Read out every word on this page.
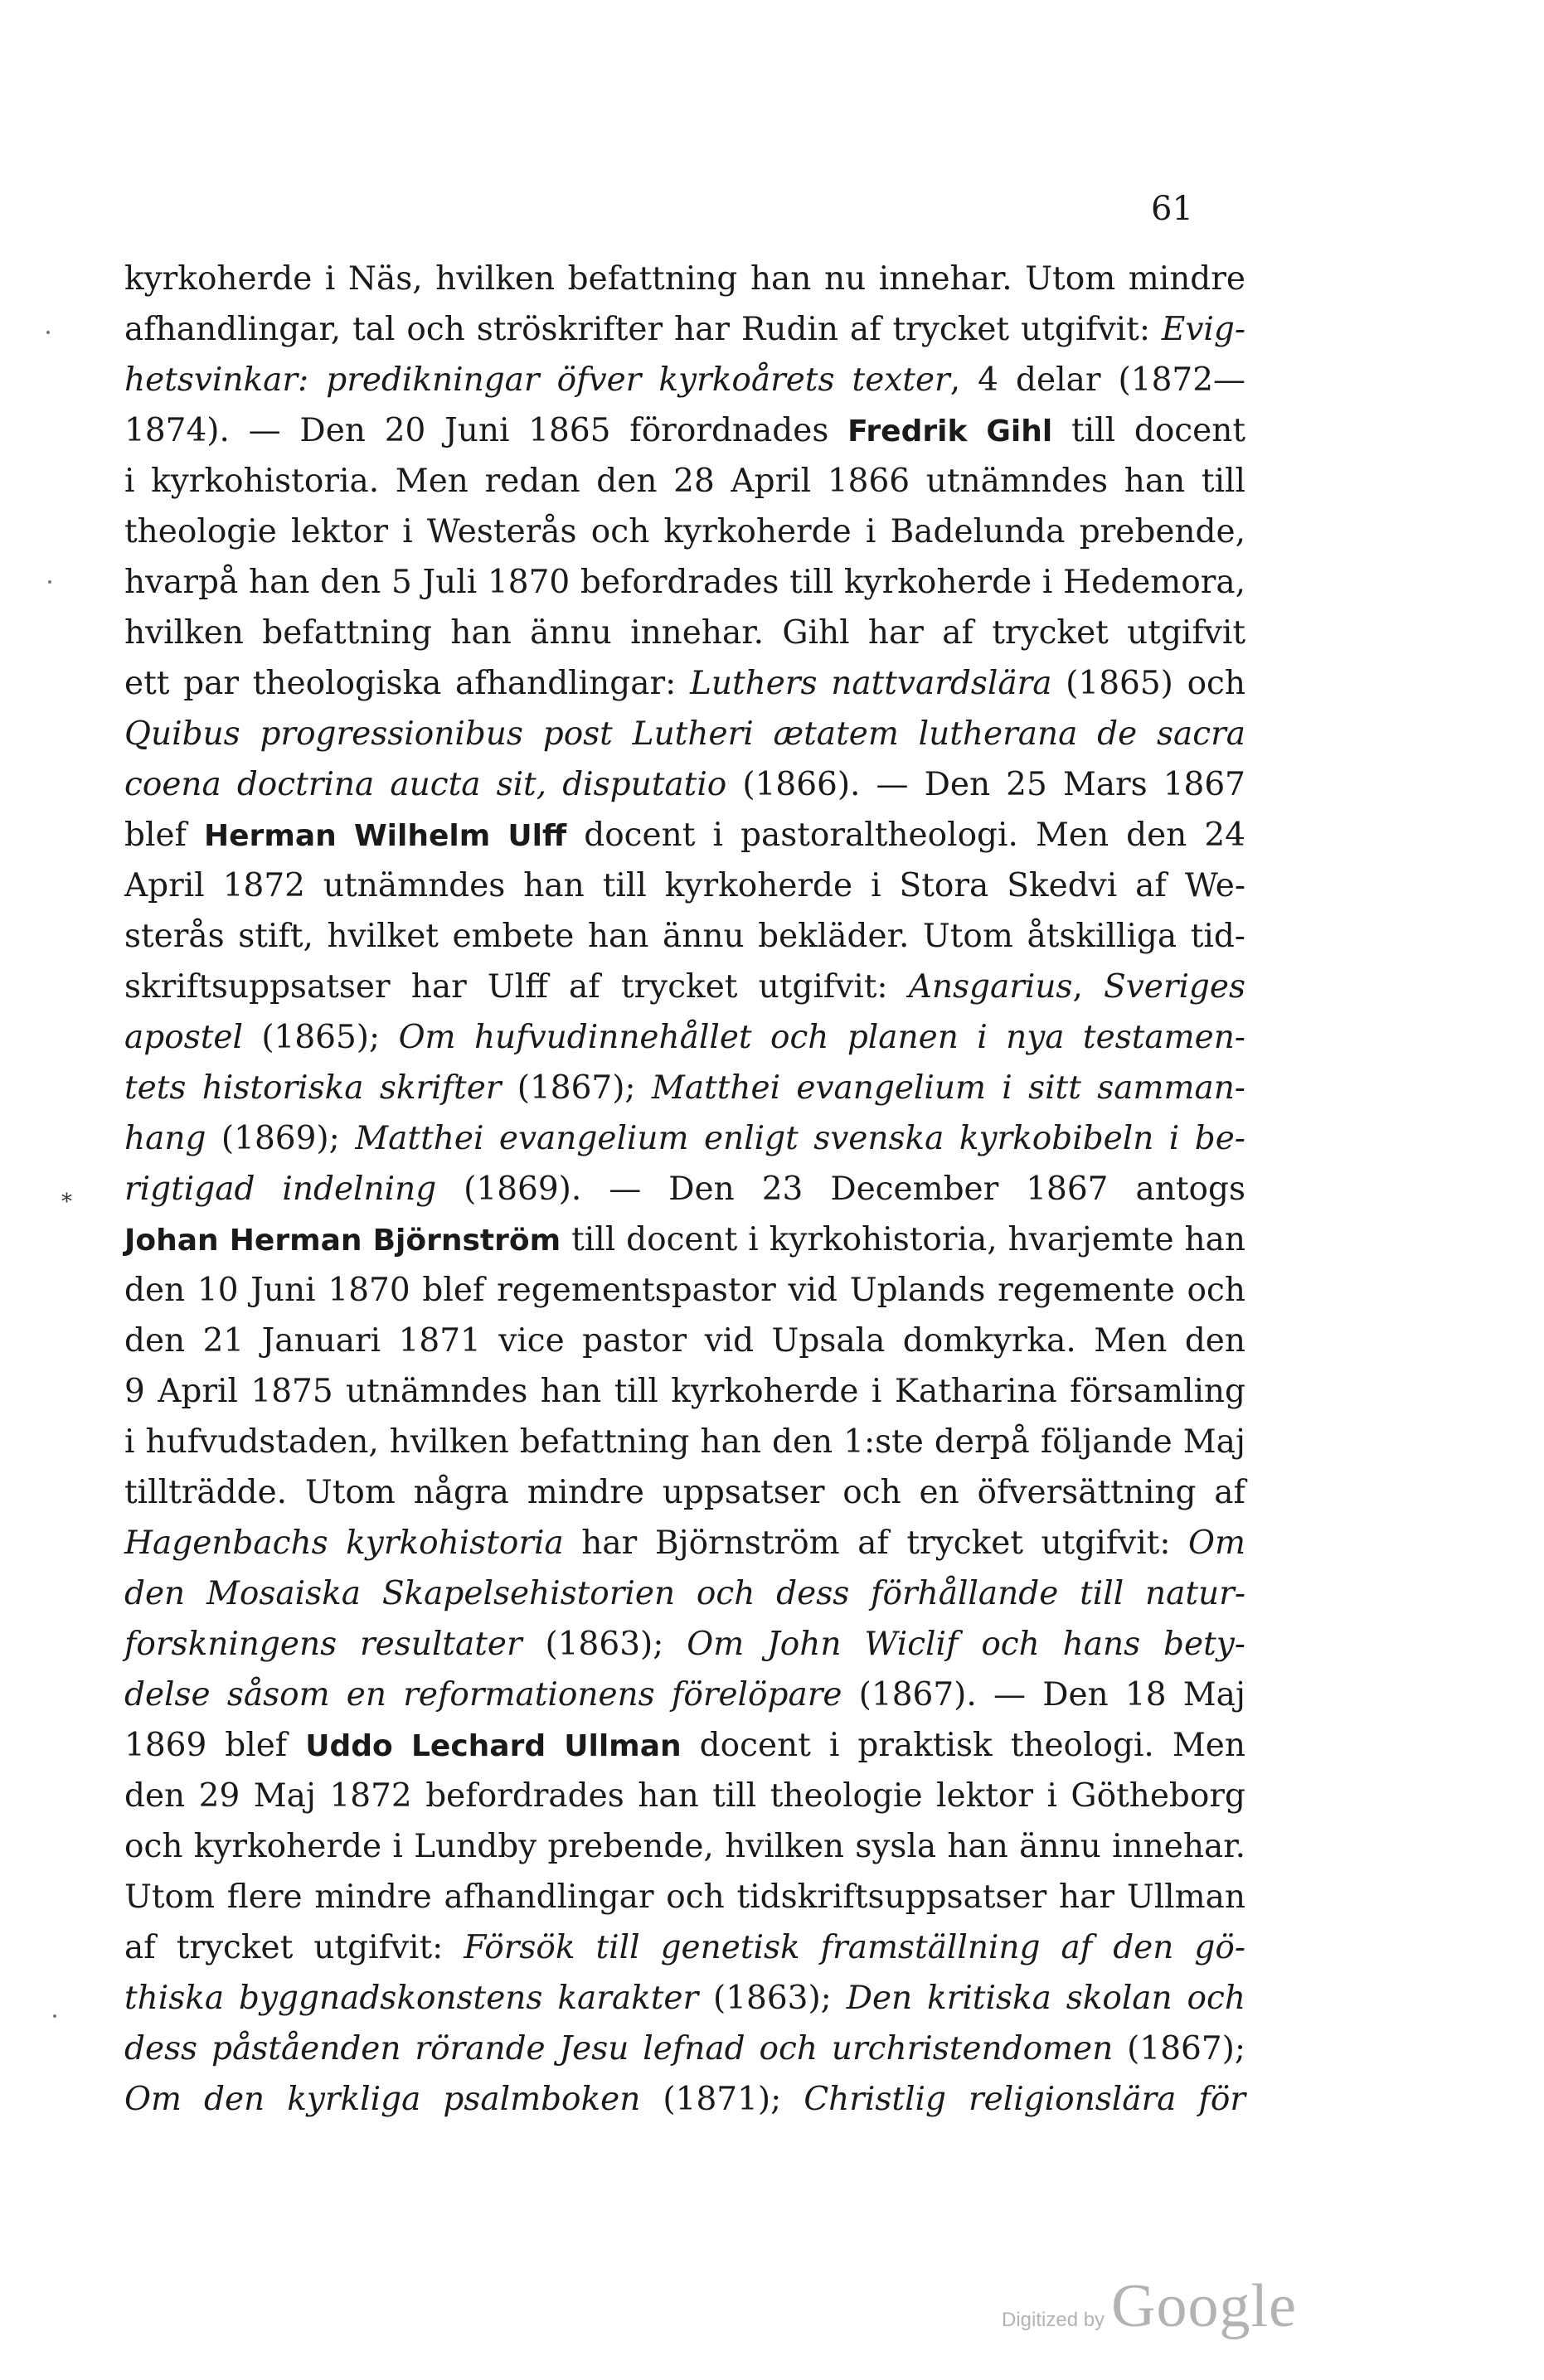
61
kyrkoherde i Näs, hvilken befattning han nu innehar. Utom mindre
afhandlingar, tal och ströskrifter har Rudin af trycket utgifvit: Evig-
hetsvinkar: predikningar öfver kyrkoårets texter, 4 delar (1872—
1874). — Den 20 Juni 1865 förordnades Fredrik Gihl till docent
i kyrkohistoria. Men redan den 28 April 1866 utnämndes han till
theologie lektor i Westerås och kyrkoherde i Badelunda prebende,
hvarpå han den 5 Juli 1870 befordrades till kyrkoherde i Hedemora,
hvilken befattning han ännu innehar. Gihl har af trycket utgifvit
ett par theologiska afhandlingar: Luthers nattvardslära (1865) och
Quibus progressionibus post Lutheri ætatem lutherana de sacra
coena doctrina aucta sit, disputatio (1866). — Den 25 Mars 1867
blef Herman Wilhelm Ulff docent i pastoraltheologi. Men den 24
April 1872 utnämndes han till kyrkoherde i Stora Skedvi af We-
sterås stift, hvilket embete han ännu bekläder. Utom åtskilliga tid-
skriftsuppsatser har Ulff af trycket utgifvit: Ansgarius, Sveriges
apostel (1865); Om hufvudinnehållet och planen i nya testamen-
tets historiska skrifter (1867); Matthei evangelium i sitt samman-
hang (1869); Matthei evangelium enligt svenska kyrkobibeln i be-
rigtigad indelning (1869). — Den 23 December 1867 antogs
Johan Herman Björnström till docent i kyrkohistoria, hvarjemte han
den 10 Juni 1870 blef regementspastor vid Uplands regemente och
den 21 Januari 1871 vice pastor vid Upsala domkyrka. Men den
9 April 1875 utnämndes han till kyrkoherde i Katharina församling
i hufvudstaden, hvilken befattning han den 1:ste derpå följande Maj
tillträdde. Utom några mindre uppsatser och en öfversättning af
Hagenbachs kyrkohistoria har Björnström af trycket utgifvit: Om
den Mosaiska Skapelsehistorien och dess förhållande till natur-
forskningens resultater (1863); Om John Wiclif och hans bety-
delse såsom en reformationens förelöpare (1867). — Den 18 Maj
1869 blef Uddo Lechard Ullman docent i praktisk theologi. Men
den 29 Maj 1872 befordrades han till theologie lektor i Götheborg
och kyrkoherde i Lundby prebende, hvilken sysla han ännu innehar.
Utom flere mindre afhandlingar och tidskriftsuppsatser har Ullman
af trycket utgifvit: Försök till genetisk framställning af den gö-
thiska byggnadskonstens karakter (1863); Den kritiska skolan och
dess påståenden rörande Jesu lefnad och urchristendomen (1867);
Om den kyrkliga psalmboken (1871); Christlig religionslära för
*
Digitized by Google
